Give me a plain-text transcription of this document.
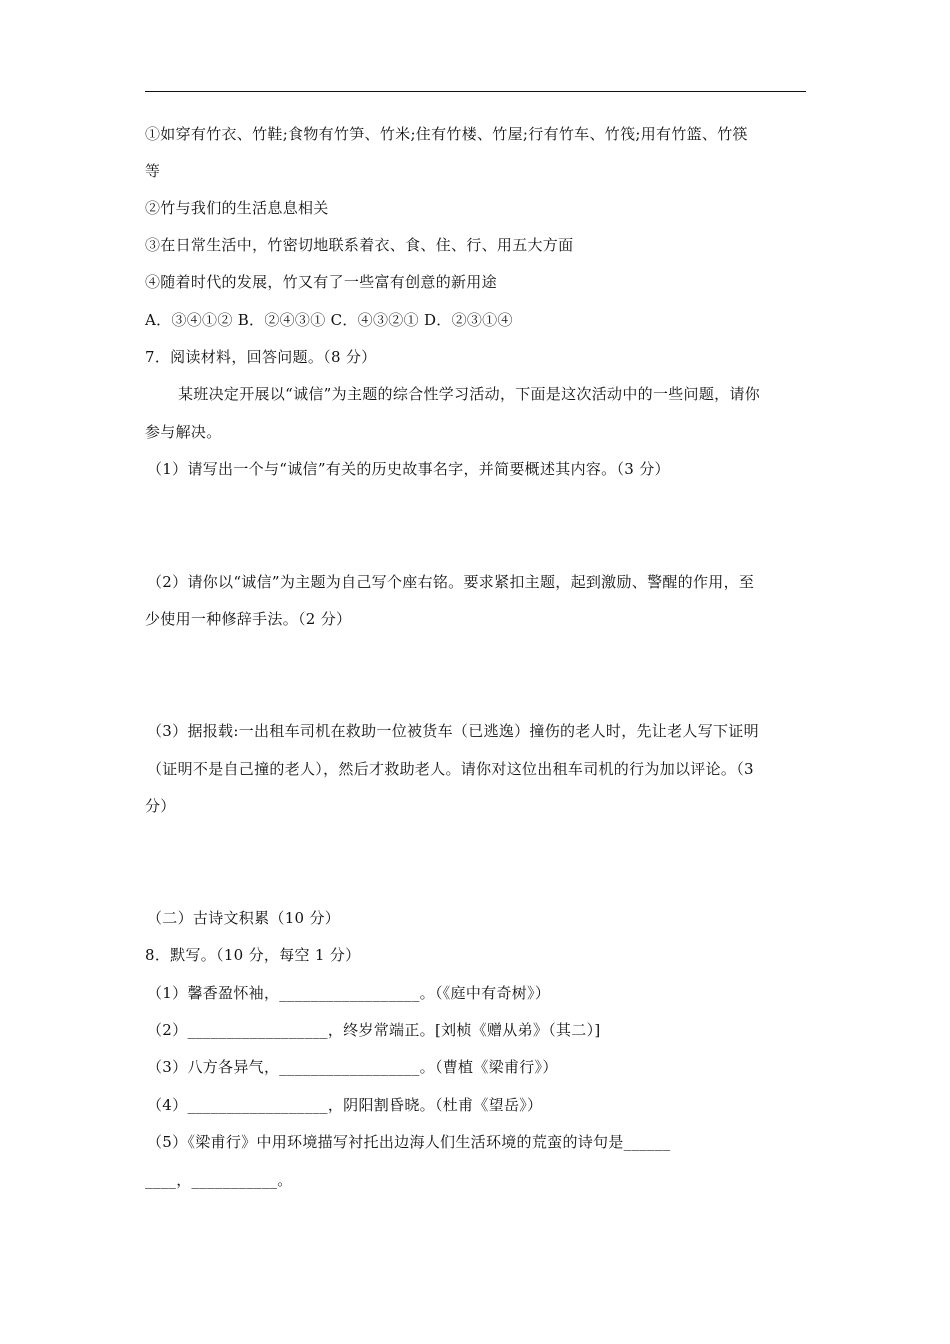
①如穿有竹衣、竹鞋;食物有竹笋、竹米;住有竹楼、竹屋;行有竹车、竹筏;用有竹篮、竹筷
等
②竹与我们的生活息息相关
③在日常生活中，竹密切地联系着衣、食、住、行、用五大方面
④随着时代的发展，竹又有了一些富有创意的新用途
A．③④①② B．②④③① C．④③②① D．②③①④
7．阅读材料，回答问题。（8 分）
某班决定开展以“诚信”为主题的综合性学习活动，下面是这次活动中的一些问题，请你
参与解决。
（1）请写出一个与“诚信”有关的历史故事名字，并简要概述其内容。（3 分）
（2）请你以“诚信”为主题为自己写个座右铭。要求紧扣主题，起到激励、警醒的作用，至
少使用一种修辞手法。（2 分）
（3）据报载:一出租车司机在救助一位被货车（已逃逸）撞伤的老人时，先让老人写下证明
（证明不是自己撞的老人），然后才救助老人。请你对这位出租车司机的行为加以评论。（3
分）
（二）古诗文积累（10 分）
8．默写。（10 分，每空 1 分）
（1）馨香盈怀袖，__________________。（《庭中有奇树》）
（2）__________________，终岁常端正。[刘桢《赠从弟》（其二）]
（3）八方各异气，__________________。（曹植《梁甫行》）
（4）__________________，阴阳割昏晓。（杜甫《望岳》）
（5）《梁甫行》中用环境描写衬托出边海人们生活环境的荒蛮的诗句是______
____，___________。
